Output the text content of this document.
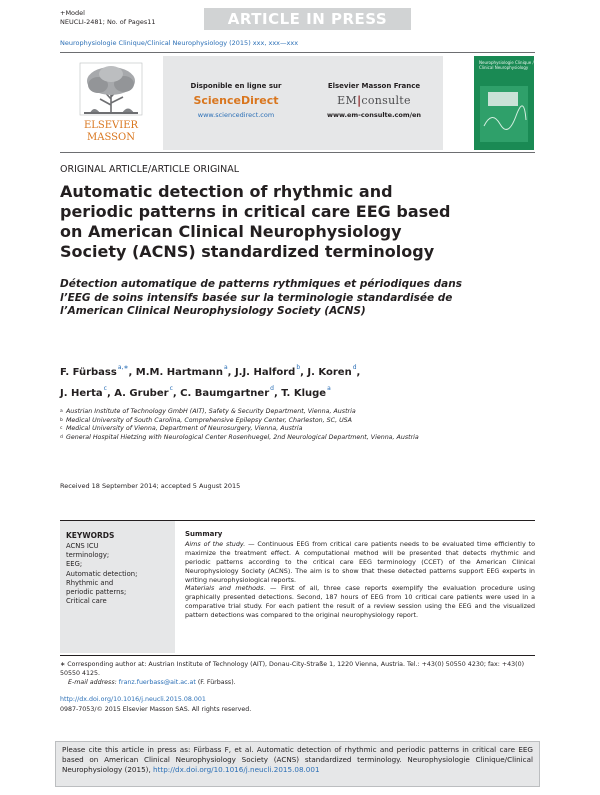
+Model
NEUCLI-2481; No. of Pages11	ARTICLE IN PRESS
Neurophysiologie Clinique/Clinical Neurophysiology (2015) xxx, xxx—xxx
ELSEVIER
MASSON
Disponible en ligne sur
ScienceDirect
www.sciencedirect.com
Elsevier Masson France
EM|consulte
www.em-consulte.com/en
Neurophysiologie Clinique / Clinical Neurophysiology
ORIGINAL ARTICLE/ARTICLE ORIGINAL
Automatic detection of rhythmic and periodic patterns in critical care EEG based on American Clinical Neurophysiology Society (ACNS) standardized terminology
Détection automatique de patterns rythmiques et périodiques dans l’EEG de soins intensifs basée sur la terminologie standardisée de l’American Clinical Neurophysiology Society (ACNS)
F. Fürbass$^{a,∗}$, M.M. Hartmann$^a$, J.J. Halford$^b$, J. Koren$^d$,
J. Herta$^c$, A. Gruber$^c$, C. Baumgartner$^d$, T. Kluge$^a$
a Austrian Institute of Technology GmbH (AIT), Safety & Security Department, Vienna, Austria
b Medical University of South Carolina, Comprehensive Epilepsy Center, Charleston, SC, USA
c Medical University of Vienna, Department of Neurosurgery, Vienna, Austria
d General Hospital Hietzing with Neurological Center Rosenhuegel, 2nd Neurological Department, Vienna, Austria
Received 18 September 2014; accepted 5 August 2015
KEYWORDS
ACNS ICU
terminology;
EEG;
Automatic detection;
Rhythmic and
periodic patterns;
Critical care
Summary
Aims of the study. — Continuous EEG from critical care patients needs to be evaluated time efficiently to maximize the treatment effect. A computational method will be presented that detects rhythmic and periodic patterns according to the critical care EEG terminology (CCET) of the American Clinical Neurophysiology Society (ACNS). The aim is to show that these detected patterns support EEG experts in writing neurophysiological reports.
Materials and methods. — First of all, three case reports exemplify the evaluation procedure using graphically presented detections. Second, 187 hours of EEG from 10 critical care patients were used in a comparative trial study. For each patient the result of a review session using the EEG and the visualized pattern detections was compared to the original neurophysiology report.
∗ Corresponding author at: Austrian Institute of Technology (AIT), Donau-City-Straße 1, 1220 Vienna, Austria. Tel.: +43(0) 50550 4230; fax: +43(0) 50550 4125.
E-mail address: franz.fuerbass@ait.ac.at (F. Fürbass).
http://dx.doi.org/10.1016/j.neucli.2015.08.001
0987-7053/© 2015 Elsevier Masson SAS. All rights reserved.
Please cite this article in press as: Fürbass F, et al. Automatic detection of rhythmic and periodic patterns in critical care EEG based on American Clinical Neurophysiology Society (ACNS) standardized terminology. Neurophysiologie Clinique/Clinical Neurophysiology (2015), http://dx.doi.org/10.1016/j.neucli.2015.08.001
